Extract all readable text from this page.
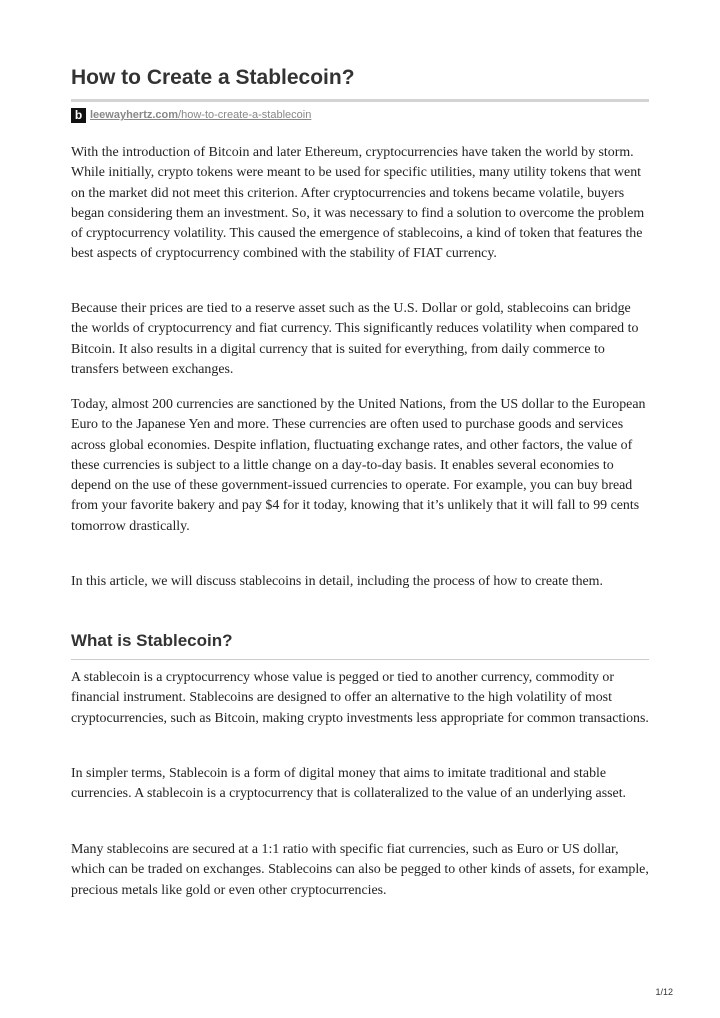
How to Create a Stablecoin?
b leewayhertz.com /how-to-create-a-stablecoin

With the introduction of Bitcoin and later Ethereum, cryptocurrencies have taken the world by storm. While initially, crypto tokens were meant to be used for specific utilities, many utility tokens that went on the market did not meet this criterion. After cryptocurrencies and tokens became volatile, buyers began considering them an investment. So, it was necessary to find a solution to overcome the problem of cryptocurrency volatility. This caused the emergence of stablecoins, a kind of token that features the best aspects of cryptocurrency combined with the stability of FIAT currency.

Because their prices are tied to a reserve asset such as the U.S. Dollar or gold, stablecoins can bridge the worlds of cryptocurrency and fiat currency. This significantly reduces volatility when compared to Bitcoin. It also results in a digital currency that is suited for everything, from daily commerce to transfers between exchanges.

Today, almost 200 currencies are sanctioned by the United Nations, from the US dollar to the European Euro to the Japanese Yen and more. These currencies are often used to purchase goods and services across global economies. Despite inflation, fluctuating exchange rates, and other factors, the value of these currencies is subject to a little change on a day-to-day basis. It enables several economies to depend on the use of these government-issued currencies to operate. For example, you can buy bread from your favorite bakery and pay $4 for it today, knowing that it’s unlikely that it will fall to 99 cents tomorrow drastically.

In this article, we will discuss stablecoins in detail, including the process of how to create them.

What is Stablecoin?

A stablecoin is a cryptocurrency whose value is pegged or tied to another currency, commodity or financial instrument. Stablecoins are designed to offer an alternative to the high volatility of most cryptocurrencies, such as Bitcoin, making crypto investments less appropriate for common transactions.

In simpler terms, Stablecoin is a form of digital money that aims to imitate traditional and stable currencies. A stablecoin is a cryptocurrency that is collateralized to the value of an underlying asset.

Many stablecoins are secured at a 1:1 ratio with specific fiat currencies, such as Euro or US dollar, which can be traded on exchanges. Stablecoins can also be pegged to other kinds of assets, for example, precious metals like gold or even other cryptocurrencies.

1/12
